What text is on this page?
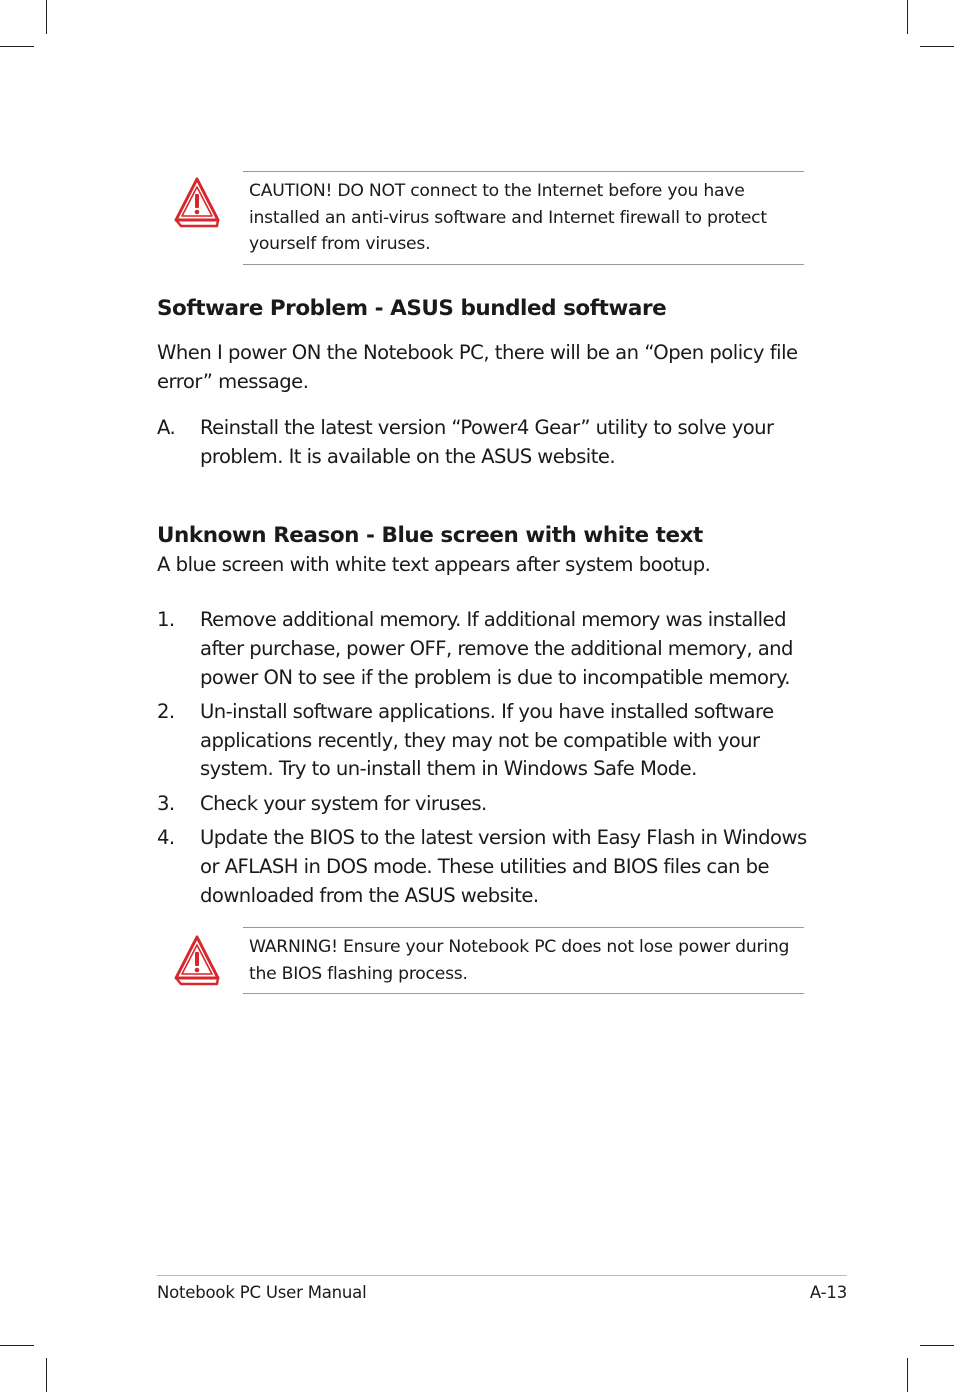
CAUTION! DO NOT connect to the Internet before you have installed an anti-virus software and Internet firewall to protect yourself from viruses.
Software Problem - ASUS bundled software

When I power ON the Notebook PC, there will be an “Open policy file error” message.

A. Reinstall the latest version “Power4 Gear” utility to solve your problem. It is available on the ASUS website.
Unknown Reason - Blue screen with white text

A blue screen with white text appears after system bootup.

1. Remove additional memory. If additional memory was installed after purchase, power OFF, remove the additional memory, and power ON to see if the problem is due to incompatible memory.
2. Un-install software applications. If you have installed software applications recently, they may not be compatible with your system. Try to un-install them in Windows Safe Mode.
3. Check your system for viruses.
4. Update the BIOS to the latest version with Easy Flash in Windows or AFLASH in DOS mode. These utilities and BIOS files can be downloaded from the ASUS website.
WARNING! Ensure your Notebook PC does not lose power during the BIOS flashing process.
Notebook PC User Manual	A-13
